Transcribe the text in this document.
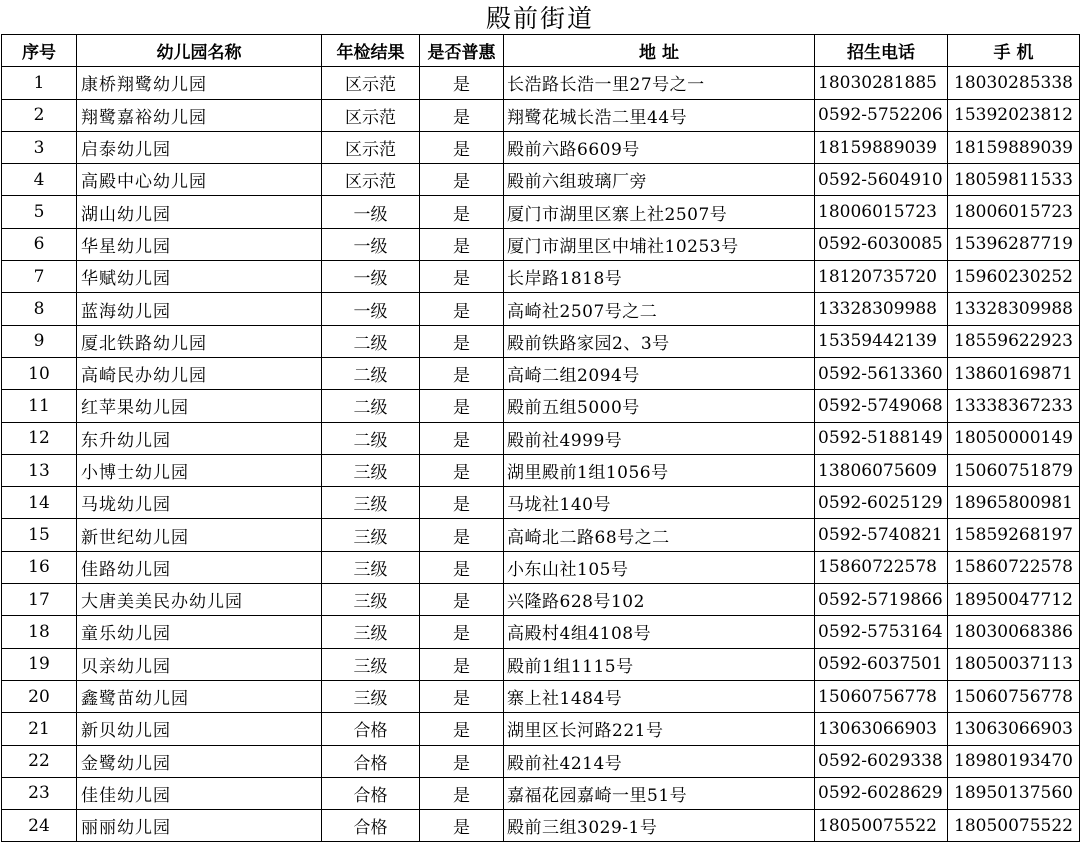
殿前街道
序号	幼儿园名称	年检结果	是否普惠	地 址	招生电话	手 机
1	康桥翔鹭幼儿园	区示范	是	长浩路长浩一里27号之一	18030281885	18030285338
2	翔鹭嘉裕幼儿园	区示范	是	翔鹭花城长浩二里44号	0592-5752206	15392023812
3	启泰幼儿园	区示范	是	殿前六路6609号	18159889039	18159889039
4	高殿中心幼儿园	区示范	是	殿前六组玻璃厂旁	0592-5604910	18059811533
5	湖山幼儿园	一级	是	厦门市湖里区寨上社2507号	18006015723	18006015723
6	华星幼儿园	一级	是	厦门市湖里区中埔社10253号	0592-6030085	15396287719
7	华赋幼儿园	一级	是	长岸路1818号	18120735720	15960230252
8	蓝海幼儿园	一级	是	高崎社2507号之二	13328309988	13328309988
9	厦北铁路幼儿园	二级	是	殿前铁路家园2、3号	15359442139	18559622923
10	高崎民办幼儿园	二级	是	高崎二组2094号	0592-5613360	13860169871
11	红苹果幼儿园	二级	是	殿前五组5000号	0592-5749068	13338367233
12	东升幼儿园	二级	是	殿前社4999号	0592-5188149	18050000149
13	小博士幼儿园	三级	是	湖里殿前1组1056号	13806075609	15060751879
14	马垅幼儿园	三级	是	马垅社140号	0592-6025129	18965800981
15	新世纪幼儿园	三级	是	高崎北二路68号之二	0592-5740821	15859268197
16	佳路幼儿园	三级	是	小东山社105号	15860722578	15860722578
17	大唐美美民办幼儿园	三级	是	兴隆路628号102	0592-5719866	18950047712
18	童乐幼儿园	三级	是	高殿村4组4108号	0592-5753164	18030068386
19	贝亲幼儿园	三级	是	殿前1组1115号	0592-6037501	18050037113
20	鑫鹭苗幼儿园	三级	是	寨上社1484号	15060756778	15060756778
21	新贝幼儿园	合格	是	湖里区长河路221号	13063066903	13063066903
22	金鹭幼儿园	合格	是	殿前社4214号	0592-6029338	18980193470
23	佳佳幼儿园	合格	是	嘉福花园嘉崎一里51号	0592-6028629	18950137560
24	丽丽幼儿园	合格	是	殿前三组3029-1号	18050075522	18050075522
